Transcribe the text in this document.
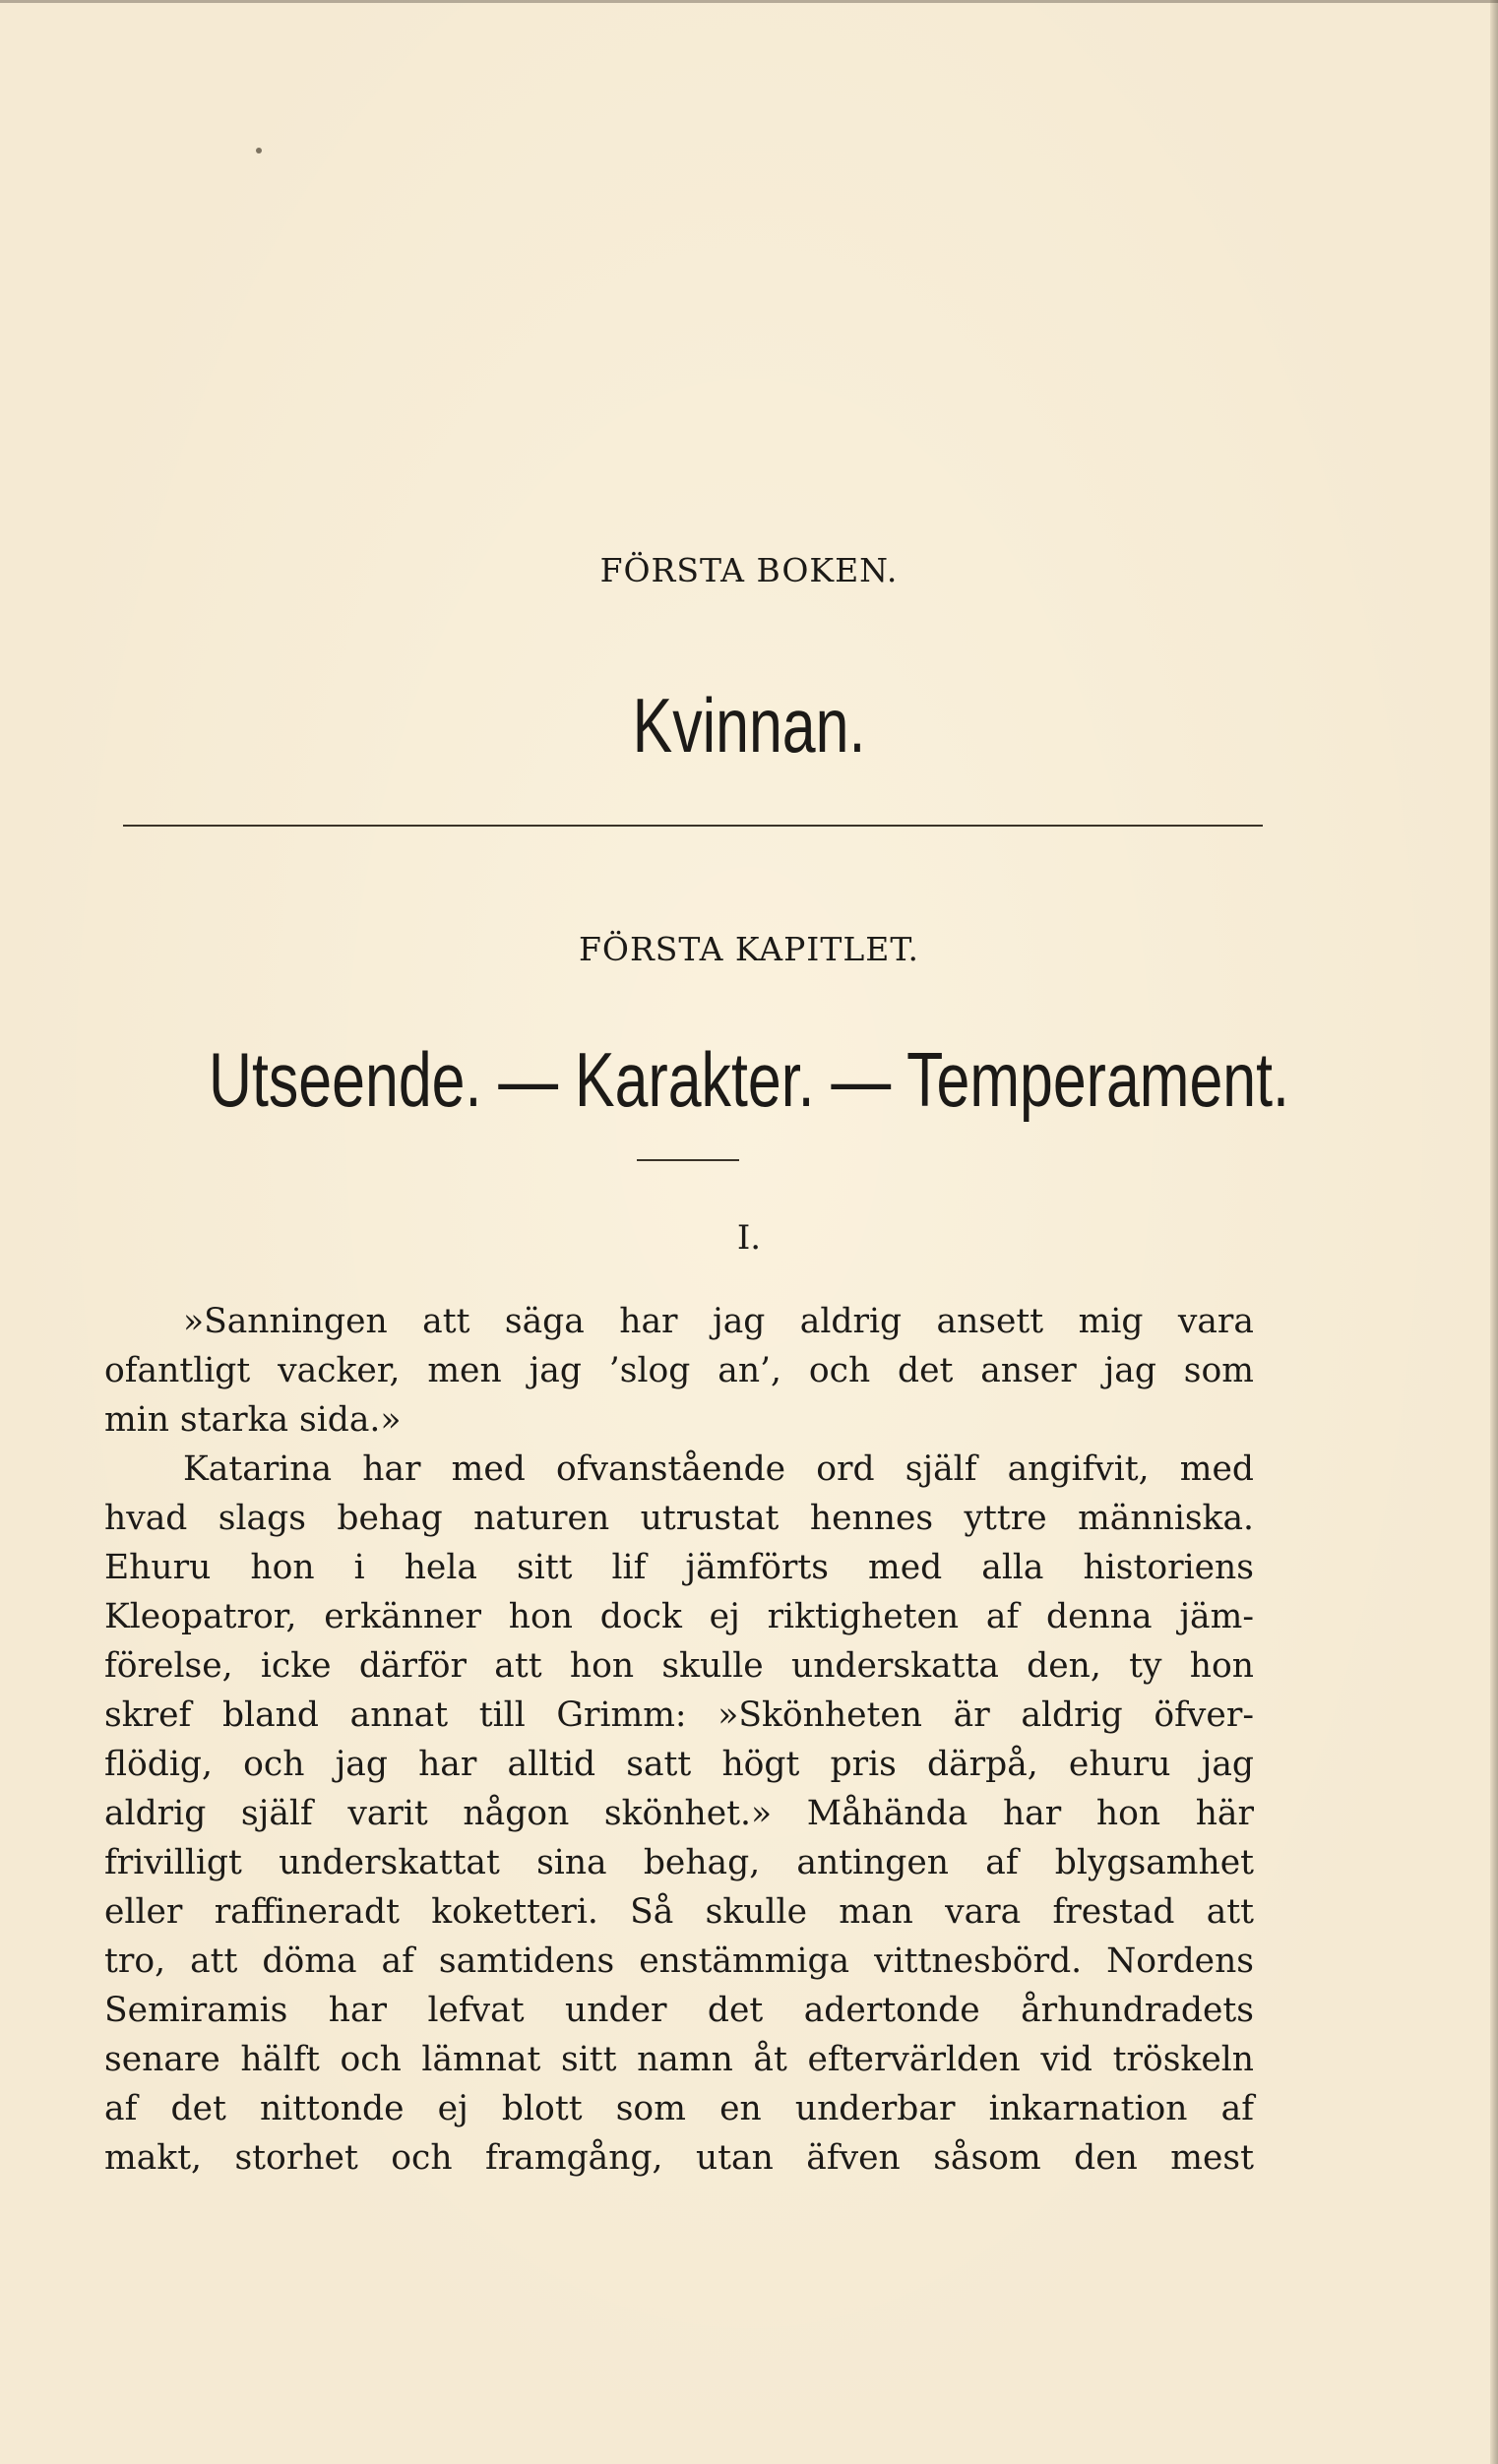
FÖRSTA BOKEN.
Kvinnan.
FÖRSTA KAPITLET.
Utseende. — Karakter. — Temperament.
I.
»Sanningen att säga har jag aldrig ansett mig vara
ofantligt vacker, men jag ’slog an’, och det anser jag som
min starka sida.»
Katarina har med ofvanstående ord själf angifvit, med
hvad slags behag naturen utrustat hennes yttre människa.
Ehuru hon i hela sitt lif jämförts med alla historiens
Kleopatror, erkänner hon dock ej riktigheten af denna jäm-
förelse, icke därför att hon skulle underskatta den, ty hon
skref bland annat till Grimm: »Skönheten är aldrig öfver-
flödig, och jag har alltid satt högt pris därpå, ehuru jag
aldrig själf varit någon skönhet.» Måhända har hon här
frivilligt underskattat sina behag, antingen af blygsamhet
eller raffineradt koketteri. Så skulle man vara frestad att
tro, att döma af samtidens enstämmiga vittnesbörd. Nordens
Semiramis har lefvat under det adertonde århundradets
senare hälft och lämnat sitt namn åt eftervärlden vid tröskeln
af det nittonde ej blott som en underbar inkarnation af
makt, storhet och framgång, utan äfven såsom den mest
